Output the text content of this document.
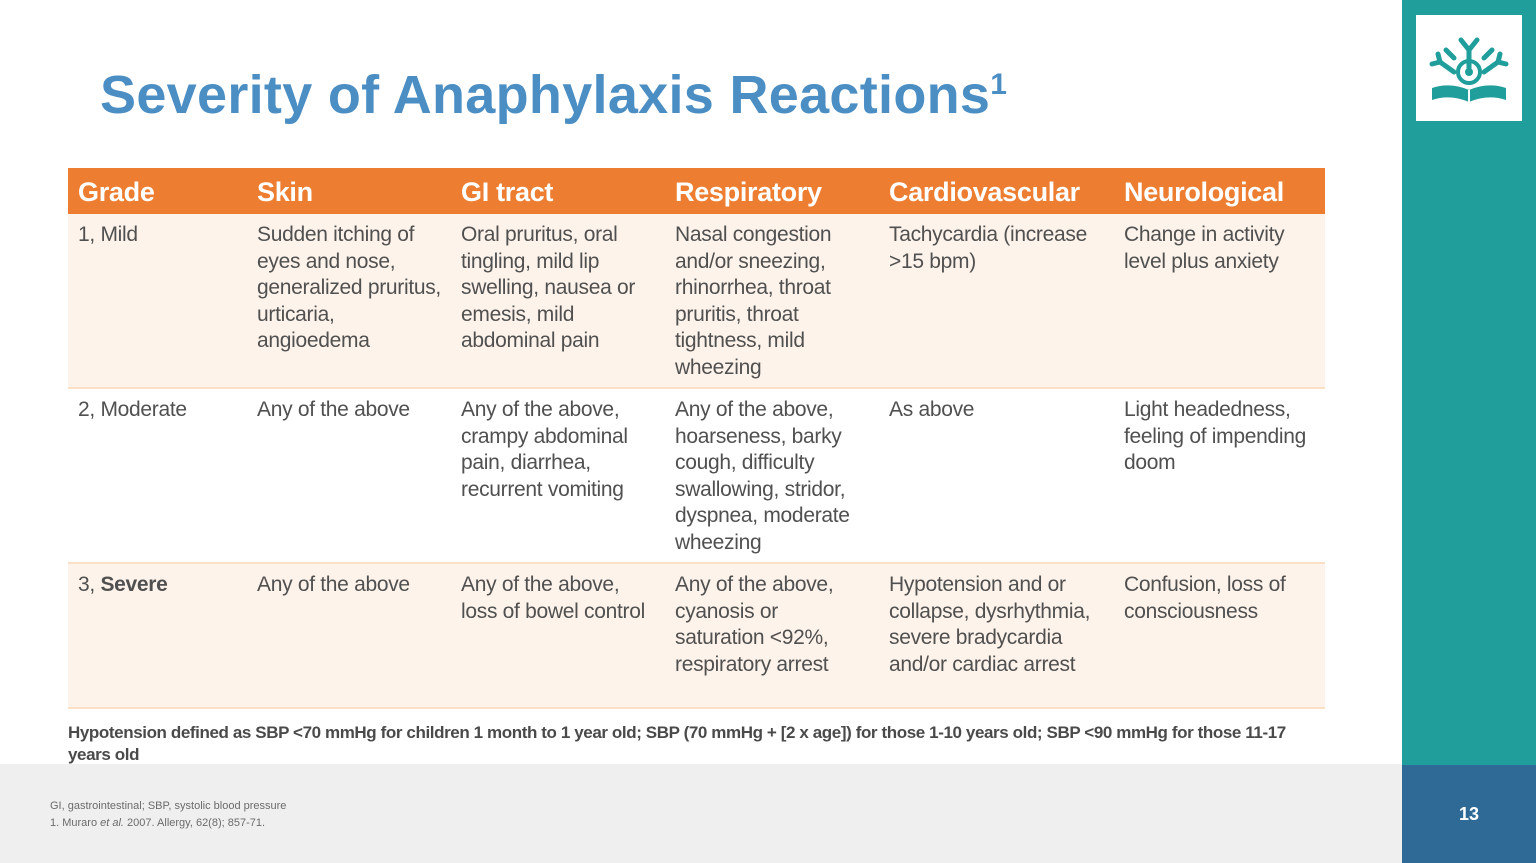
13
Severity of Anaphylaxis Reactions$^1$
Grade	Skin	GI tract	Respiratory	Cardiovascular	Neurological
1, Mild	Sudden itching of eyes and nose, generalized pruritus, urticaria, angioedema	Oral pruritus, oral tingling, mild lip swelling, nausea or emesis, mild abdominal pain	Nasal congestion and/or sneezing, rhinorrhea, throat pruritis, throat tightness, mild wheezing	Tachycardia (increase >15 bpm)	Change in activity level plus anxiety
2, Moderate	Any of the above	Any of the above, crampy abdominal pain, diarrhea, recurrent vomiting	Any of the above, hoarseness, barky cough, difficulty swallowing, stridor, dyspnea, moderate wheezing	As above	Light headedness, feeling of impending doom
3, Severe	Any of the above	Any of the above, loss of bowel control	Any of the above, cyanosis or saturation <92%, respiratory arrest	Hypotension and or collapse, dysrhythmia, severe bradycardia and/or cardiac arrest	Confusion, loss of consciousness
Hypotension defined as SBP <70 mmHg for children 1 month to 1 year old; SBP (70 mmHg + [2 x age]) for those 1-10 years old; SBP <90 mmHg for those 11-17 years old
GI, gastrointestinal; SBP, systolic blood pressure
1. Muraro et al. 2007. Allergy, 62(8); 857-71.
